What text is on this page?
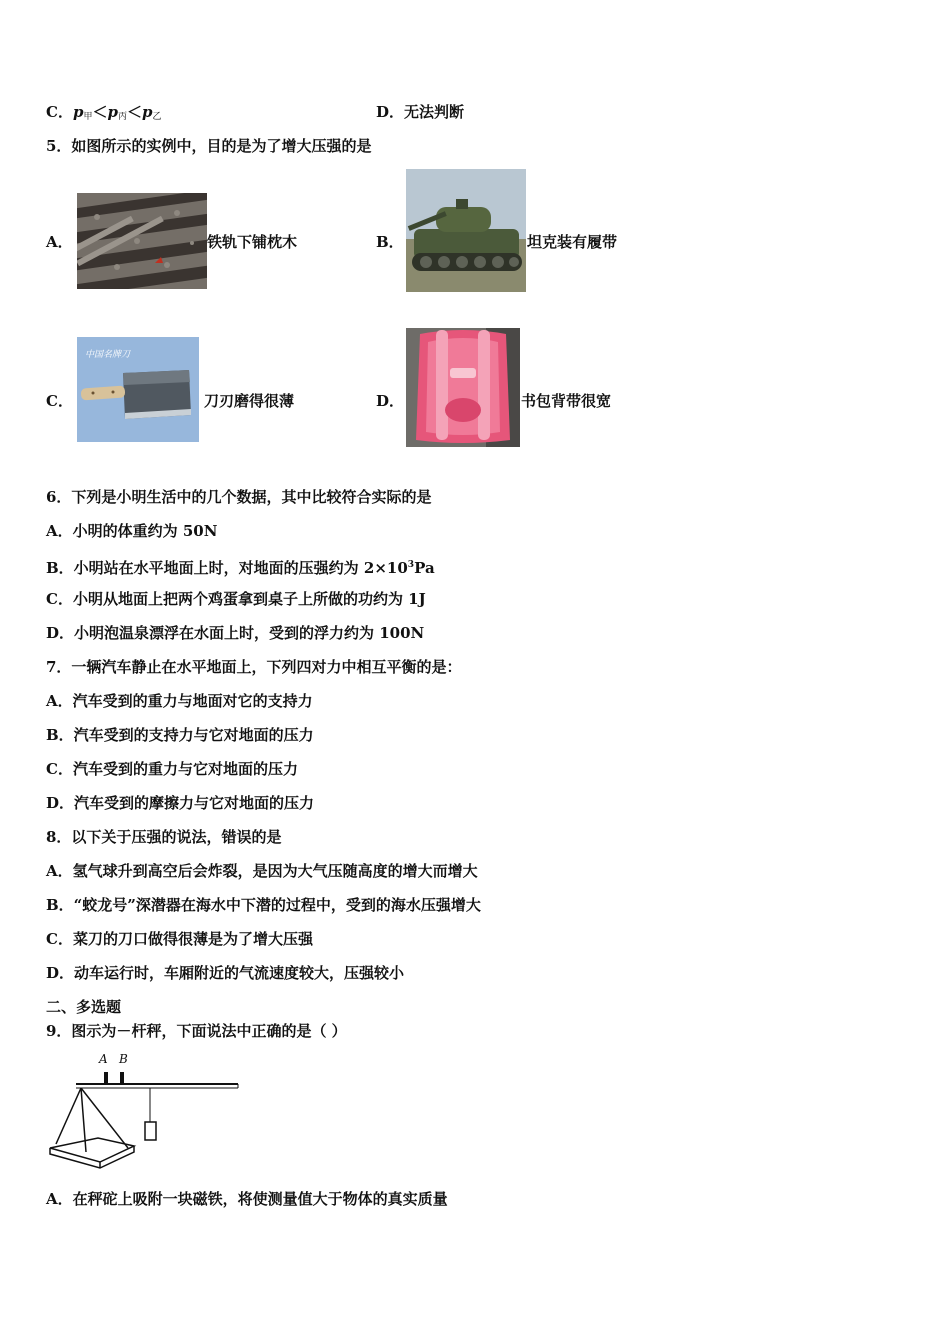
C．$p_甲<p_丙<p_乙$	D．无法判断
5．如图所示的实例中，目的是为了增大压强的是
A．	铁轨下铺枕木	B．	坦克装有履带
C．
中国名牌刀
刀刃磨得很薄	D．	书包背带很宽
6．下列是小明生活中的几个数据，其中比较符合实际的是
A．小明的体重约为 50N
B．小明站在水平地面上时，对地面的压强约为 $2\times 10^3Pa$
C．小明从地面上把两个鸡蛋拿到桌子上所做的功约为 1J
D．小明泡温泉漂浮在水面上时，受到的浮力约为 100N
7．一辆汽车静止在水平地面上，下列四对力中相互平衡的是：
A．汽车受到的重力与地面对它的支持力
B．汽车受到的支持力与它对地面的压力
C．汽车受到的重力与它对地面的压力
D．汽车受到的摩擦力与它对地面的压力
8．以下关于压强的说法，错误的是
A．氢气球升到高空后会炸裂，是因为大气压随高度的增大而增大
B．“蛟龙号”深潜器在海水中下潜的过程中，受到的海水压强增大
C．菜刀的刀口做得很薄是为了增大压强
D．动车运行时，车厢附近的气流速度较大，压强较小
二、多选题
9．图示为－杆秤，下面说法中正确的是（ ）
A B
A．在秤砣上吸附一块磁铁，将使测量值大于物体的真实质量
